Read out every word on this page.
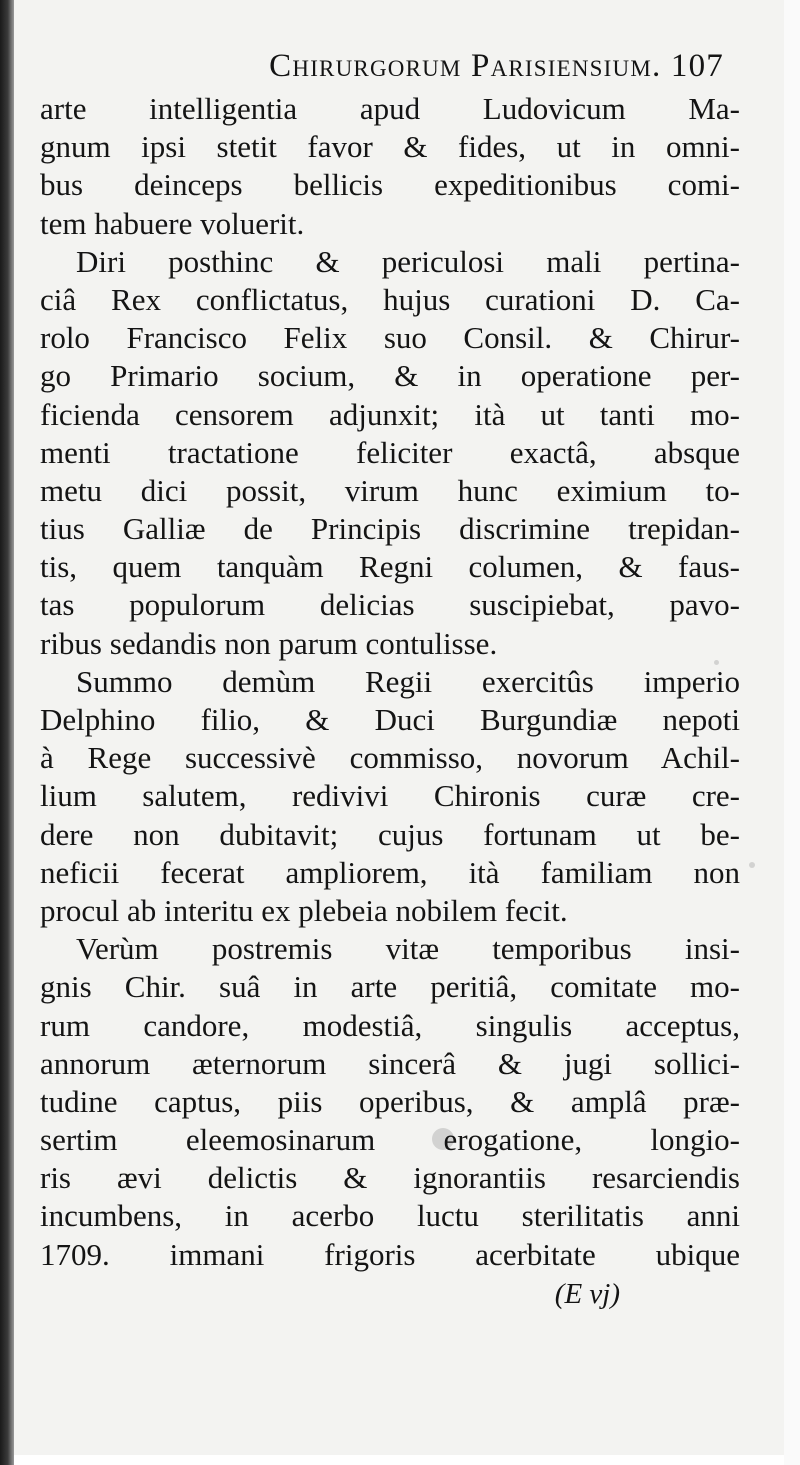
Chirurgorum Parisiensium. 107
arte intelligentia apud Ludovicum Ma-
gnum ipsi stetit favor & fides, ut in omni-
bus deinceps bellicis expeditionibus comi-
tem habuere voluerit.
Diri posthinc & periculosi mali pertina-
ciâ Rex conflictatus, hujus curationi D. Ca-
rolo Francisco Felix suo Consil. & Chirur-
go Primario socium, & in operatione per-
ficienda censorem adjunxit; ità ut tanti mo-
menti tractatione feliciter exactâ, absque
metu dici possit, virum hunc eximium to-
tius Galliæ de Principis discrimine trepidan-
tis, quem tanquàm Regni columen, & faus-
tas populorum delicias suscipiebat, pavo-
ribus sedandis non parum contulisse.
Summo demùm Regii exercitûs imperio
Delphino filio, & Duci Burgundiæ nepoti
à Rege successivè commisso, novorum Achil-
lium salutem, redivivi Chironis curæ cre-
dere non dubitavit; cujus fortunam ut be-
neficii fecerat ampliorem, ità familiam non
procul ab interitu ex plebeia nobilem fecit.
Verùm postremis vitæ temporibus insi-
gnis Chir. suâ in arte peritiâ, comitate mo-
rum candore, modestiâ, singulis acceptus,
annorum æternorum sincerâ & jugi sollici-
tudine captus, piis operibus, & amplâ præ-
sertim eleemosinarum erogatione, longio-
ris ævi delictis & ignorantiis resarciendis
incumbens, in acerbo luctu sterilitatis anni
1709. immani frigoris acerbitate ubique
(E vj)
